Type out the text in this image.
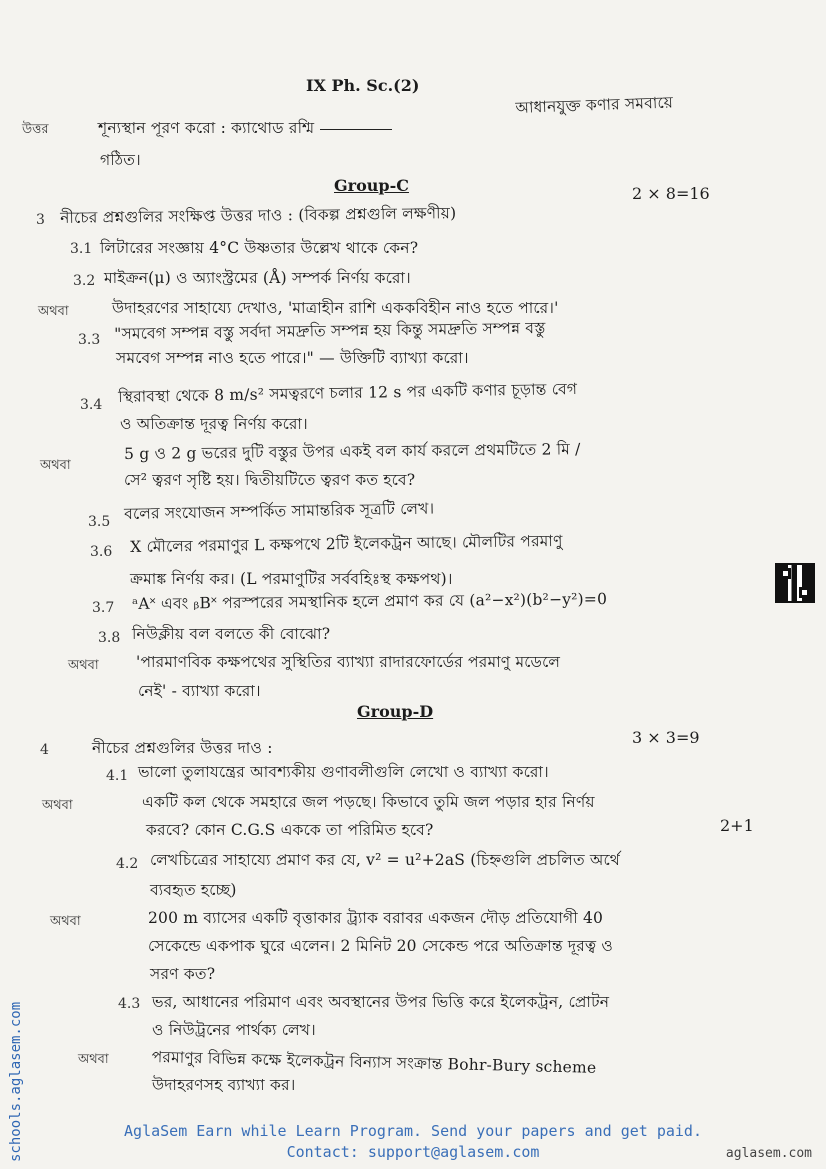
IX Ph. Sc.(2)
উত্তর	শূন্যস্থান পূরণ করো : ক্যাথোড রশ্মি
আধানযুক্ত কণার সমবায়ে
গঠিত।
Group-C
3 নীচের প্রশ্নগুলির সংক্ষিপ্ত উত্তর দাও : (বিকল্প প্রশ্নগুলি লক্ষণীয়)
2 × 8=16
3.1 লিটারের সংজ্ঞায় 4°C উষ্ণতার উল্লেখ থাকে কেন?
3.2 মাইক্রন(μ) ও অ্যাংস্ট্রমের (Å) সম্পর্ক নির্ণয় করো।
অথবা	উদাহরণের সাহায্যে দেখাও, 'মাত্রাহীন রাশি এককবিহীন নাও হতে পারে।'
3.3 "সমবেগ সম্পন্ন বস্তু সর্বদা সমদ্রুতি সম্পন্ন হয় কিন্তু সমদ্রুতি সম্পন্ন বস্তু
সমবেগ সম্পন্ন নাও হতে পারে।" — উক্তিটি ব্যাখ্যা করো।
3.4 স্থিরাবস্থা থেকে 8 m/s² সমত্বরণে চলার 12 s পর একটি কণার চূড়ান্ত বেগ
ও অতিক্রান্ত দূরত্ব নির্ণয় করো।
অথবা
5 g ও 2 g ভরের দুটি বস্তুর উপর একই বল কার্য করলে প্রথমটিতে 2 মি /
সে² ত্বরণ সৃষ্টি হয়। দ্বিতীয়টিতে ত্বরণ কত হবে?
3.5 বলের সংযোজন সম্পর্কিত সামান্তরিক সূত্রটি লেখ।
3.6 X মৌলের পরমাণুর L কক্ষপথে 2টি ইলেকট্রন আছে। মৌলটির পরমাণু
ক্রমাঙ্ক নির্ণয় কর। (L পরমাণুটির সর্ববহিঃস্থ কক্ষপথ)।
3.7 ᵃA˟ এবং ᵦB˟ পরস্পরের সমস্থানিক হলে প্রমাণ কর যে (a²−x²)(b²−y²)=0
3.8 নিউক্লীয় বল বলতে কী বোঝো?
অথবা 'পারমাণবিক কক্ষপথের সুস্থিতির ব্যাখ্যা রাদারফোর্ডের পরমাণু মডেলে
নেই' - ব্যাখ্যা করো।
Group-D
4	নীচের প্রশ্নগুলির উত্তর দাও :
3 × 3=9
4.1 ভালো তুলাযন্ত্রের আবশ্যকীয় গুণাবলীগুলি লেখো ও ব্যাখ্যা করো।
অথবা	একটি কল থেকে সমহারে জল পড়ছে। কিভাবে তুমি জল পড়ার হার নির্ণয়
করবে? কোন C.G.S এককে তা পরিমিত হবে?	2+1
4.2 লেখচিত্রের সাহায্যে প্রমাণ কর যে, v² = u²+2aS (চিহ্নগুলি প্রচলিত অর্থে
ব্যবহৃত হচ্ছে)
অথবা	200 m ব্যাসের একটি বৃত্তাকার ট্র্যাক বরাবর একজন দৌড় প্রতিযোগী 40
সেকেন্ডে একপাক ঘুরে এলেন। 2 মিনিট 20 সেকেন্ড পরে অতিক্রান্ত দূরত্ব ও
সরণ কত?
4.3 ভর, আধানের পরিমাণ এবং অবস্থানের উপর ভিত্তি করে ইলেকট্রন, প্রোটন
ও নিউট্রনের পার্থক্য লেখ।
অথবা	পরমাণুর বিভিন্ন কক্ষে ইলেকট্রন বিন্যাস সংক্রান্ত Bohr-Bury scheme
উদাহরণসহ ব্যাখ্যা কর।
schools.aglasem.com	AglaSem Earn while Learn Program. Send your papers and get paid.
Contact: support@aglasem.com	aglasem.com
